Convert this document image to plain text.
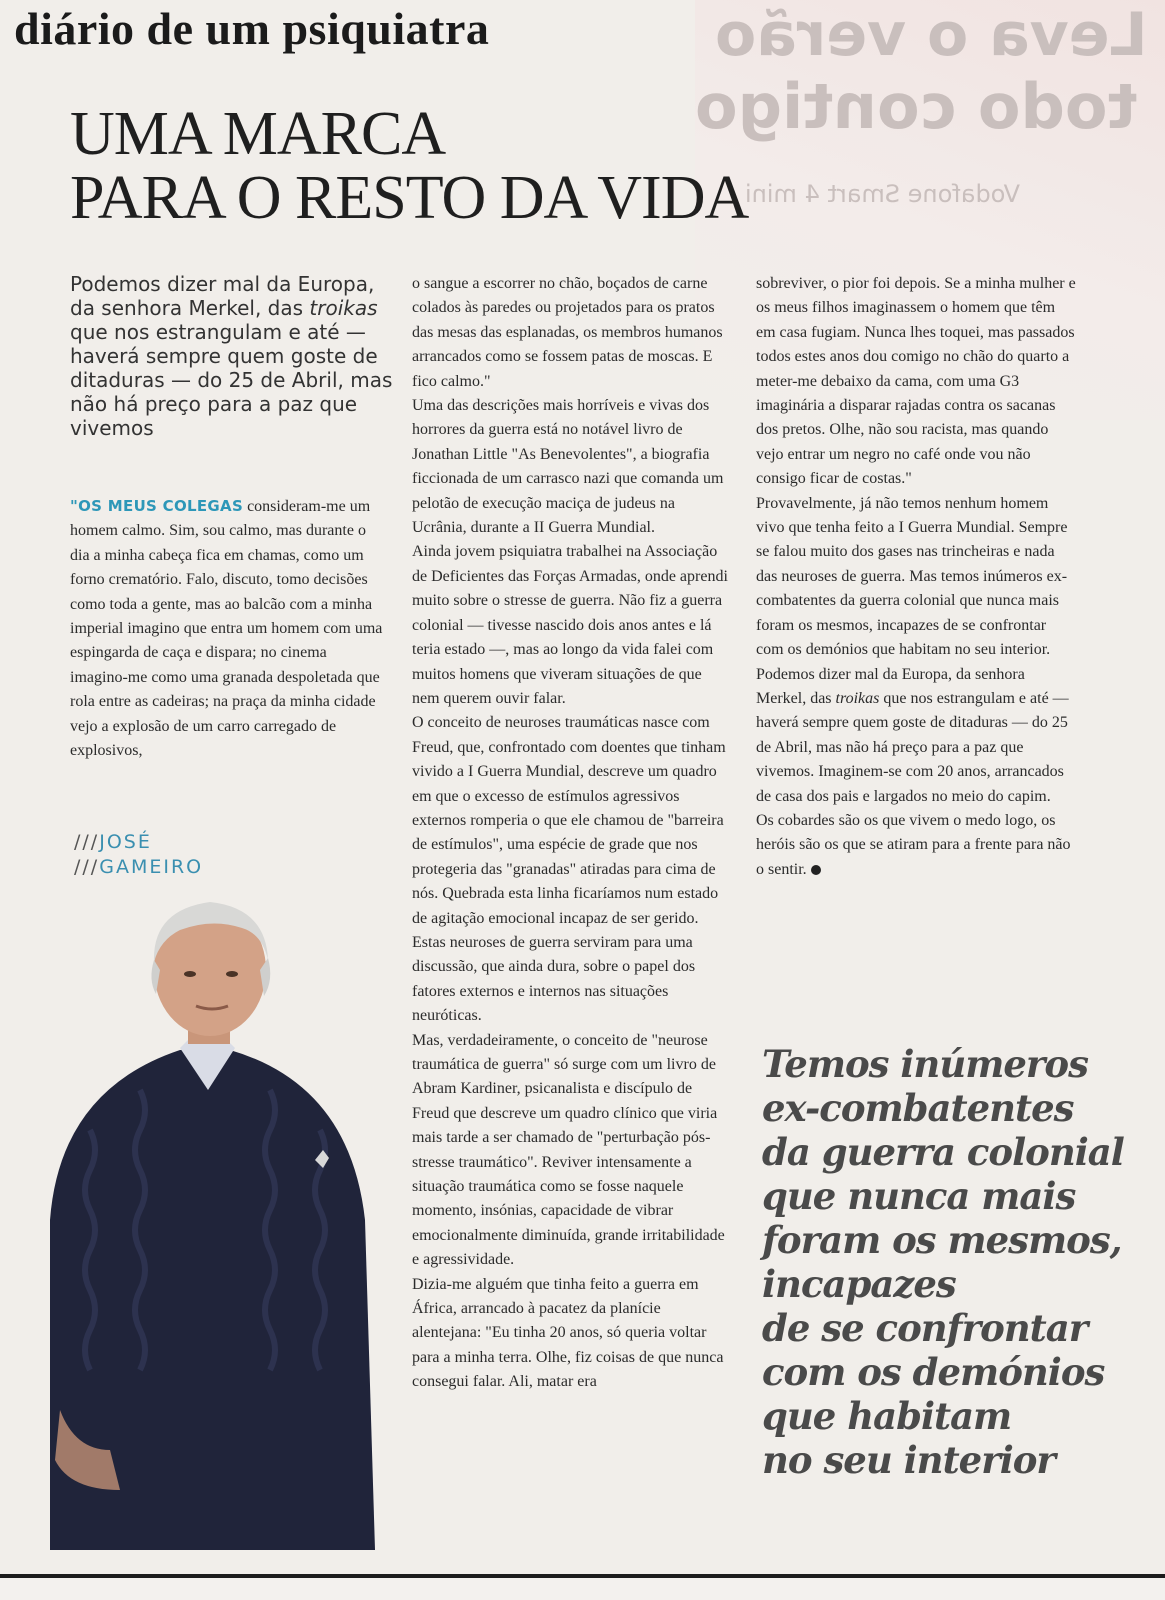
Leva o verão
todo contigo
Vodafone Smart 4 mini
diário de um psiquiatra
UMA MARCA
PARA O RESTO DA VIDA
Podemos dizer mal da Europa, da senhora Merkel, das troikas que nos estrangulam e até — haverá sempre quem goste de ditaduras — do 25 de Abril, mas não há preço para a paz que vivemos

"OS MEUS COLEGAS consideram-me um homem calmo. Sim, sou calmo, mas durante o dia a minha cabeça fica em chamas, como um forno crematório. Falo, discuto, tomo decisões como toda a gente, mas ao balcão com a minha imperial imagino que entra um homem com uma espingarda de caça e dispara; no cinema imagino-me como uma granada despoletada que rola entre as cadeiras; na praça da minha cidade vejo a explosão de um carro carregado de explosivos,

///JOSÉ
///GAMEIRO

o sangue a escorrer no chão, boçados de carne colados às paredes ou projetados para os pratos das mesas das esplanadas, os membros humanos arrancados como se fossem patas de moscas. E fico calmo."

Uma das descrições mais horríveis e vivas dos horrores da guerra está no notável livro de Jonathan Little "As Benevolentes", a biografia ficcionada de um carrasco nazi que comanda um pelotão de execução maciça de judeus na Ucrânia, durante a II Guerra Mundial.

Ainda jovem psiquiatra trabalhei na Associação de Deficientes das Forças Armadas, onde aprendi muito sobre o stresse de guerra. Não fiz a guerra colonial — tivesse nascido dois anos antes e lá teria estado —, mas ao longo da vida falei com muitos homens que viveram situações de que nem querem ouvir falar.

O conceito de neuroses traumáticas nasce com Freud, que, confrontado com doentes que tinham vivido a I Guerra Mundial, descreve um quadro em que o excesso de estímulos agressivos externos romperia o que ele chamou de "barreira de estímulos", uma espécie de grade que nos protegeria das "granadas" atiradas para cima de nós. Quebrada esta linha ficaríamos num estado de agitação emocional incapaz de ser gerido. Estas neuroses de guerra serviram para uma discussão, que ainda dura, sobre o papel dos fatores externos e internos nas situações neuróticas.

Mas, verdadeiramente, o conceito de "neurose traumática de guerra" só surge com um livro de Abram Kardiner, psicanalista e discípulo de Freud que descreve um quadro clínico que viria mais tarde a ser chamado de "perturbação pós-stresse traumático". Reviver intensamente a situação traumática como se fosse naquele momento, insónias, capacidade de vibrar emocionalmente diminuída, grande irritabilidade e agressividade.

Dizia-me alguém que tinha feito a guerra em África, arrancado à pacatez da planície alentejana: "Eu tinha 20 anos, só queria voltar para a minha terra. Olhe, fiz coisas de que nunca consegui falar. Ali, matar era

sobreviver, o pior foi depois. Se a minha mulher e os meus filhos imaginassem o homem que têm em casa fugiam. Nunca lhes toquei, mas passados todos estes anos dou comigo no chão do quarto a meter-me debaixo da cama, com uma G3 imaginária a disparar rajadas contra os sacanas dos pretos. Olhe, não sou racista, mas quando vejo entrar um negro no café onde vou não consigo ficar de costas."

Provavelmente, já não temos nenhum homem vivo que tenha feito a I Guerra Mundial. Sempre se falou muito dos gases nas trincheiras e nada das neuroses de guerra. Mas temos inúmeros ex-combatentes da guerra colonial que nunca mais foram os mesmos, incapazes de se confrontar com os demónios que habitam no seu interior.

Podemos dizer mal da Europa, da senhora Merkel, das troikas que nos estrangulam e até — haverá sempre quem goste de ditaduras — do 25 de Abril, mas não há preço para a paz que vivemos. Imaginem-se com 20 anos, arrancados de casa dos pais e largados no meio do capim.

Os cobardes são os que vivem o medo logo, os heróis são os que se atiram para a frente para não o sentir.

Temos inúmeros
ex-combatentes
da guerra colonial
que nunca mais
foram os mesmos,
incapazes
de se confrontar
com os demónios
que habitam
no seu interior
